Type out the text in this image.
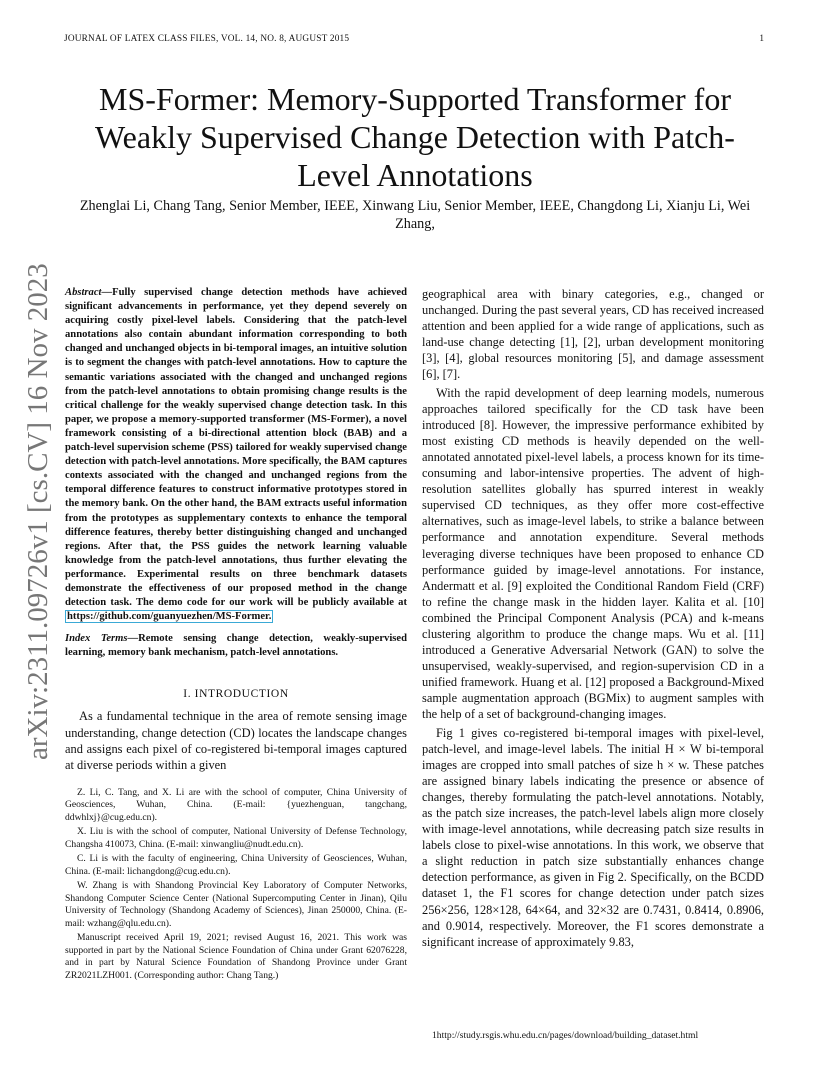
JOURNAL OF LATEX CLASS FILES, VOL. 14, NO. 8, AUGUST 2015	1
MS-Former: Memory-Supported Transformer for Weakly Supervised Change Detection with Patch-Level Annotations
Zhenglai Li, Chang Tang, Senior Member, IEEE, Xinwang Liu, Senior Member, IEEE, Changdong Li, Xianju Li, Wei Zhang,
arXiv:2311.09726v1 [cs.CV] 16 Nov 2023 Abstract—Fully supervised change detection methods have achieved significant advancements in performance, yet they depend severely on acquiring costly pixel-level labels. Considering that the patch-level annotations also contain abundant information corresponding to both changed and unchanged objects in bi-temporal images, an intuitive solution is to segment the changes with patch-level annotations. How to capture the semantic variations associated with the changed and unchanged regions from the patch-level annotations to obtain promising change results is the critical challenge for the weakly supervised change detection task. In this paper, we propose a memory-supported transformer (MS-Former), a novel framework consisting of a bi-directional attention block (BAB) and a patch-level supervision scheme (PSS) tailored for weakly supervised change detection with patch-level annotations. More specifically, the BAM captures contexts associated with the changed and unchanged regions from the temporal difference features to construct informative prototypes stored in the memory bank. On the other hand, the BAM extracts useful information from the prototypes as supplementary contexts to enhance the temporal difference features, thereby better distinguishing changed and unchanged regions. After that, the PSS guides the network learning valuable knowledge from the patch-level annotations, thus further elevating the performance. Experimental results on three benchmark datasets demonstrate the effectiveness of our proposed method in the change detection task. The demo code for our work will be publicly available at https://github.com/guanyuezhen/MS-Former.
Index Terms—Remote sensing change detection, weakly-supervised learning, memory bank mechanism, patch-level annotations.
I. INTRODUCTION

As a fundamental technique in the area of remote sensing image understanding, change detection (CD) locates the landscape changes and assigns each pixel of co-registered bi-temporal images captured at diverse periods within a given

Z. Li, C. Tang, and X. Li are with the school of computer, China University of Geosciences, Wuhan, China. (E-mail: {yuezhenguan, tangchang, ddwhlxj}@cug.edu.cn).

X. Liu is with the school of computer, National University of Defense Technology, Changsha 410073, China. (E-mail: xinwangliu@nudt.edu.cn).

C. Li is with the faculty of engineering, China University of Geosciences, Wuhan, China. (E-mail: lichangdong@cug.edu.cn).

W. Zhang is with Shandong Provincial Key Laboratory of Computer Networks, Shandong Computer Science Center (National Supercomputing Center in Jinan), Qilu University of Technology (Shandong Academy of Sciences), Jinan 250000, China. (E-mail: wzhang@qlu.edu.cn).

Manuscript received April 19, 2021; revised August 16, 2021. This work was supported in part by the National Science Foundation of China under Grant 62076228, and in part by Natural Science Foundation of Shandong Province under Grant ZR2021LZH001. (Corresponding author: Chang Tang.)

geographical area with binary categories, e.g., changed or unchanged. During the past several years, CD has received increased attention and been applied for a wide range of applications, such as land-use change detecting [1], [2], urban development monitoring [3], [4], global resources monitoring [5], and damage assessment [6], [7].

With the rapid development of deep learning models, numerous approaches tailored specifically for the CD task have been introduced [8]. However, the impressive performance exhibited by most existing CD methods is heavily depended on the well-annotated annotated pixel-level labels, a process known for its time-consuming and labor-intensive properties. The advent of high-resolution satellites globally has spurred interest in weakly supervised CD techniques, as they offer more cost-effective alternatives, such as image-level labels, to strike a balance between performance and annotation expenditure. Several methods leveraging diverse techniques have been proposed to enhance CD performance guided by image-level annotations. For instance, Andermatt et al. [9] exploited the Conditional Random Field (CRF) to refine the change mask in the hidden layer. Kalita et al. [10] combined the Principal Component Analysis (PCA) and k-means clustering algorithm to produce the change maps. Wu et al. [11] introduced a Generative Adversarial Network (GAN) to solve the unsupervised, weakly-supervised, and region-supervision CD in a unified framework. Huang et al. [12] proposed a Background-Mixed sample augmentation approach (BGMix) to augment samples with the help of a set of background-changing images.

Fig 1 gives co-registered bi-temporal images with pixel-level, patch-level, and image-level labels. The initial H × W bi-temporal images are cropped into small patches of size h × w. These patches are assigned binary labels indicating the presence or absence of changes, thereby formulating the patch-level annotations. Notably, as the patch size increases, the patch-level labels align more closely with image-level annotations, while decreasing patch size results in labels close to pixel-wise annotations. In this work, we observe that a slight reduction in patch size substantially enhances change detection performance, as given in Fig 2. Specifically, on the BCDD dataset 1, the F1 scores for change detection under patch sizes 256×256, 128×128, 64×64, and 32×32 are 0.7431, 0.8414, 0.8906, and 0.9014, respectively. Moreover, the F1 scores demonstrate a significant increase of approximately 9.83,

1http://study.rsgis.whu.edu.cn/pages/download/building_dataset.html
